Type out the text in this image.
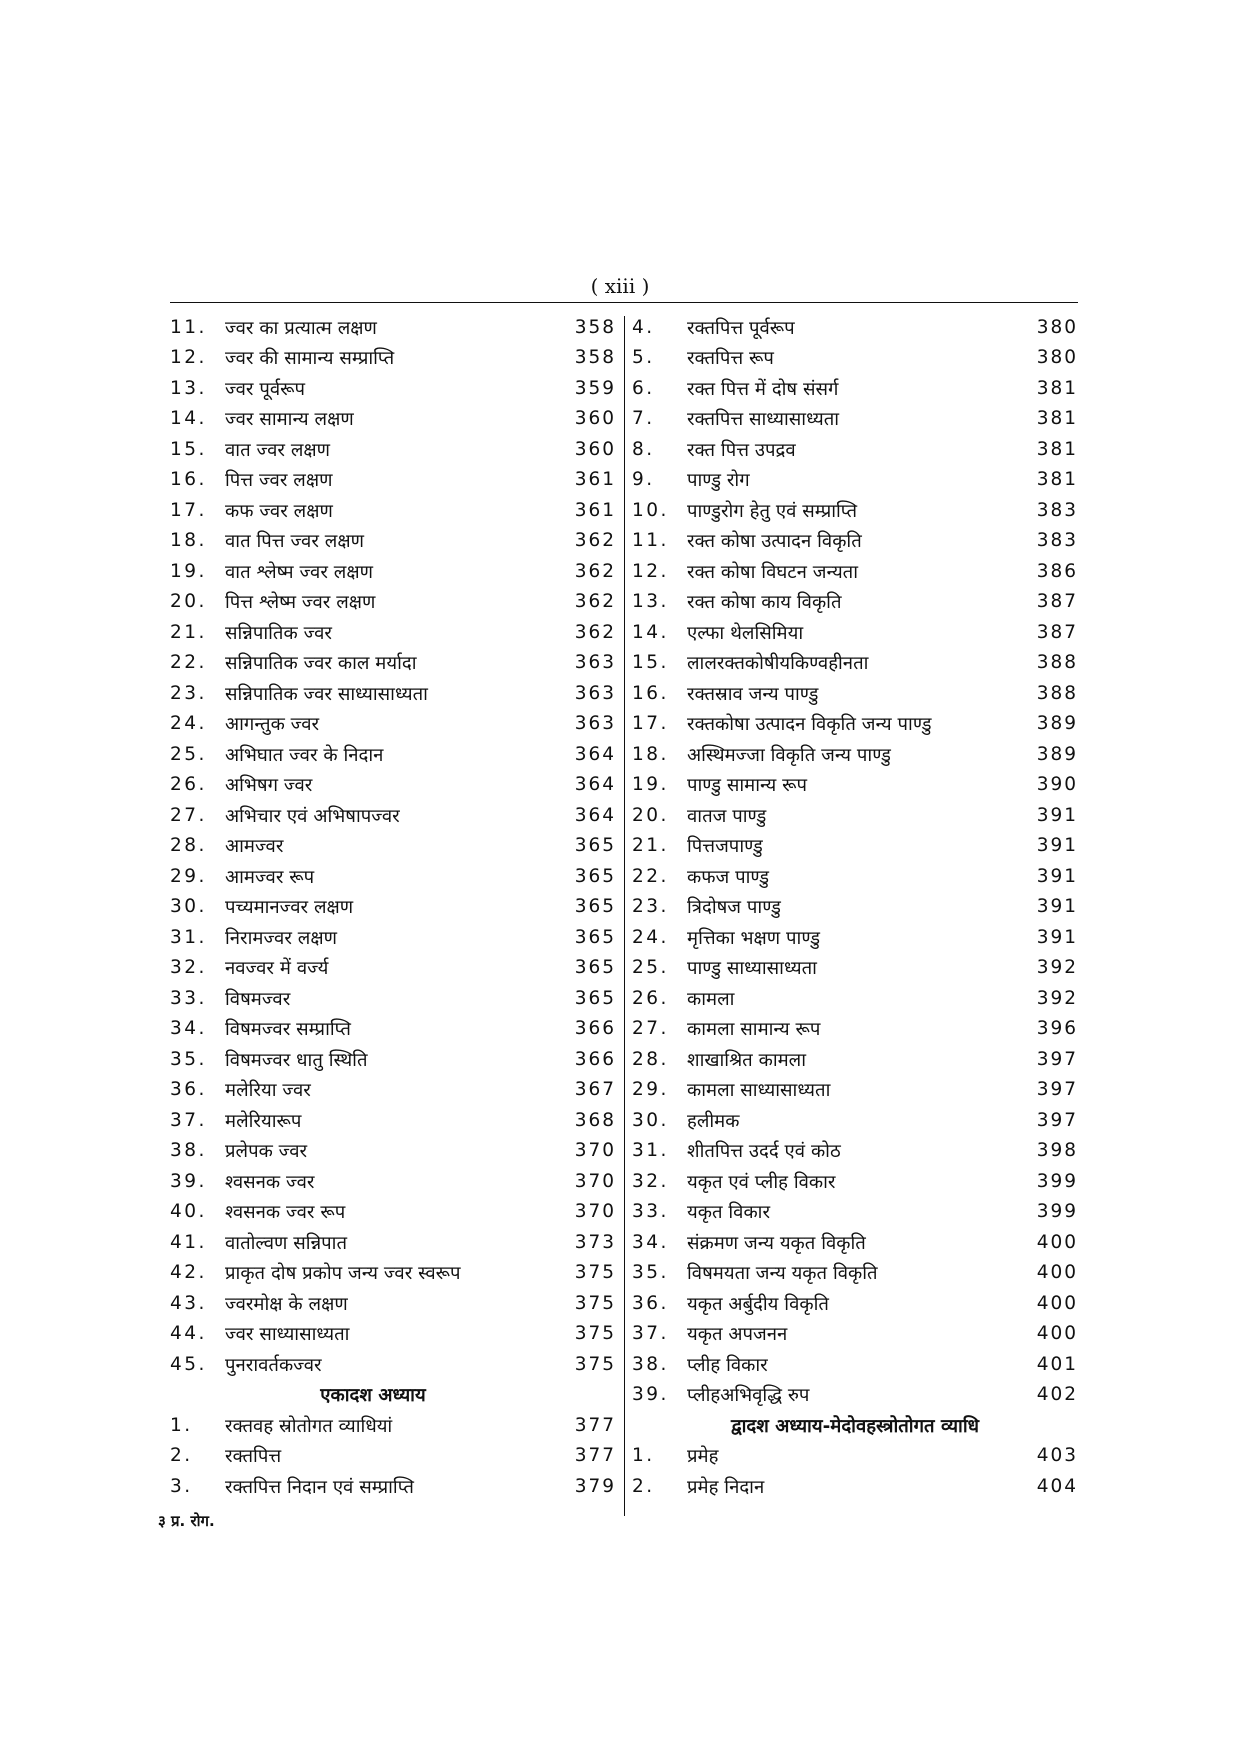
( xiii )
11. ज्वर का प्रत्यात्म लक्षण	358
12. ज्वर की सामान्य सम्प्राप्ति	358
13. ज्वर पूर्वरूप	359
14. ज्वर सामान्य लक्षण	360
15. वात ज्वर लक्षण	360
16. पित्त ज्वर लक्षण	361
17. कफ ज्वर लक्षण	361
18. वात पित्त ज्वर लक्षण	362
19. वात श्लेष्म ज्वर लक्षण	362
20. पित्त श्लेष्म ज्वर लक्षण	362
21. सन्निपातिक ज्वर	362
22. सन्निपातिक ज्वर काल मर्यादा	363
23. सन्निपातिक ज्वर साध्यासाध्यता	363
24. आगन्तुक ज्वर	363
25. अभिघात ज्वर के निदान	364
26. अभिषग ज्वर	364
27. अभिचार एवं अभिषापज्वर	364
28. आमज्वर	365
29. आमज्वर रूप	365
30. पच्यमानज्वर लक्षण	365
31. निरामज्वर लक्षण	365
32. नवज्वर में वर्ज्य	365
33. विषमज्वर	365
34. विषमज्वर सम्प्राप्ति	366
35. विषमज्वर धातु स्थिति	366
36. मलेरिया ज्वर	367
37. मलेरियारूप	368
38. प्रलेपक ज्वर	370
39. श्वसनक ज्वर	370
40. श्वसनक ज्वर रूप	370
41. वातोल्वण सन्निपात	373
42. प्राकृत दोष प्रकोप जन्य ज्वर स्वरूप	375
43. ज्वरमोक्ष के लक्षण	375
44. ज्वर साध्यासाध्यता	375
45. पुनरावर्तकज्वर	375
एकादश अध्याय
1.	रक्तवह स्रोतोगत व्याधियां	377
2.	रक्तपित्त	377
3.	रक्तपित्त निदान एवं सम्प्राप्ति	379
4.	रक्तपित्त पूर्वरूप	380
5.	रक्तपित्त रूप	380
6.	रक्त पित्त में दोष संसर्ग	381
7.	रक्तपित्त साध्यासाध्यता	381
8.	रक्त पित्त उपद्रव	381
9.	पाण्डु रोग	381
10. पाण्डुरोग हेतु एवं सम्प्राप्ति	383
11. रक्त कोषा उत्पादन विकृति	383
12. रक्त कोषा विघटन जन्यता	386
13. रक्त कोषा काय विकृति	387
14. एल्फा थेलसिमिया	387
15. लालरक्तकोषीयकिण्वहीनता	388
16. रक्तस्राव जन्य पाण्डु	388
17. रक्तकोषा उत्पादन विकृति जन्य पाण्डु	389
18. अस्थिमज्जा विकृति जन्य पाण्डु	389
19. पाण्डु सामान्य रूप	390
20. वातज पाण्डु	391
21. पित्तजपाण्डु	391
22. कफज पाण्डु	391
23. त्रिदोषज पाण्डु	391
24. मृत्तिका भक्षण पाण्डु	391
25. पाण्डु साध्यासाध्यता	392
26. कामला	392
27. कामला सामान्य रूप	396
28. शाखाश्रित कामला	397
29. कामला साध्यासाध्यता	397
30. हलीमक	397
31. शीतपित्त उदर्द एवं कोठ	398
32. यकृत एवं प्लीह विकार	399
33. यकृत विकार	399
34. संक्रमण जन्य यकृत विकृति	400
35. विषमयता जन्य यकृत विकृति	400
36. यकृत अर्बुदीय विकृति	400
37. यकृत अपजनन	400
38. प्लीह विकार	401
39. प्लीहअभिवृद्धि रुप	402
द्वादश अध्याय-मेदोवहस्त्रोतोगत व्याधि
1.	प्रमेह	403
2.	प्रमेह निदान	404
३ प्र. रोग.
